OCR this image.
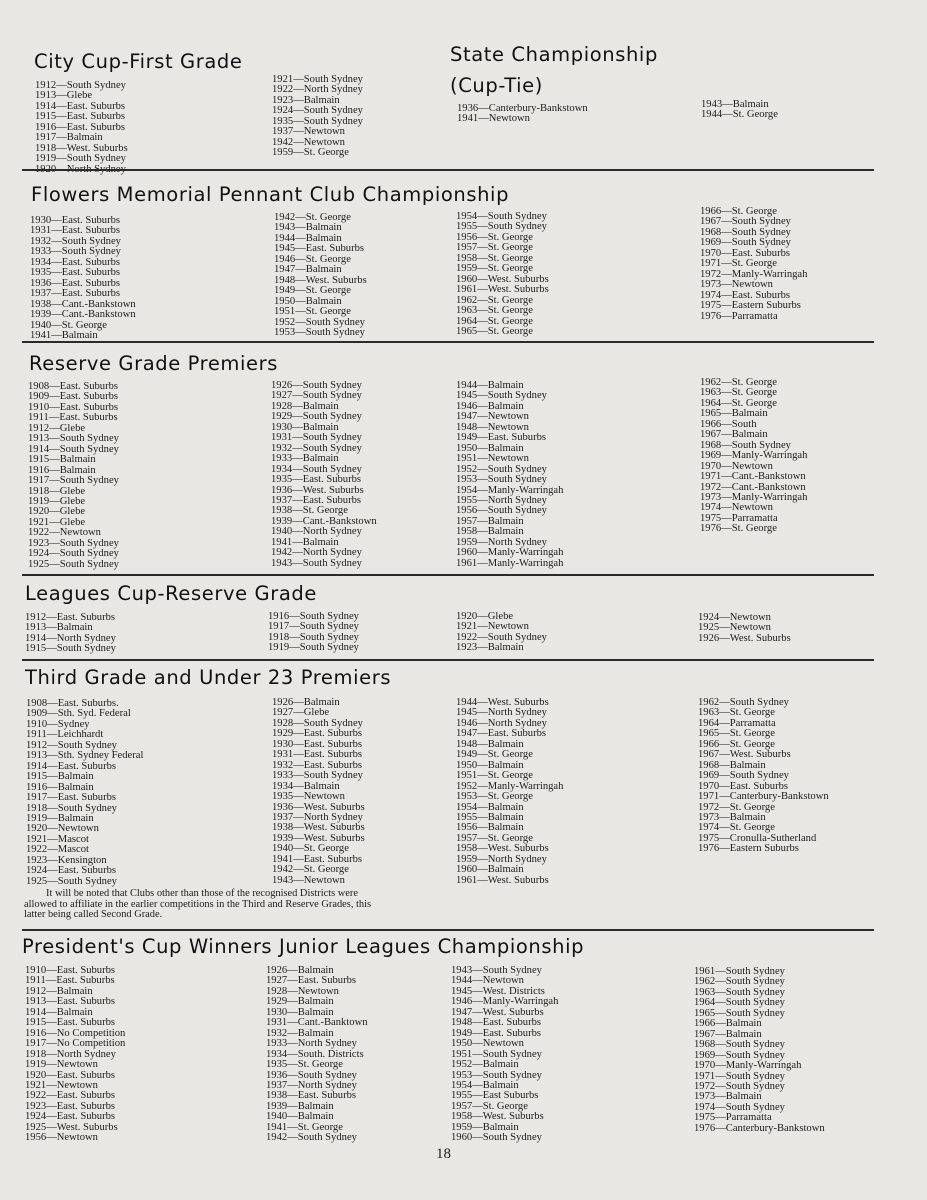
City Cup-First Grade
1912—South Sydney
1913—Glebe
1914—East. Suburbs
1915—East. Suburbs
1916—East. Suburbs
1917—Balmain
1918—West. Suburbs
1919—South Sydney
1921—South Sydney
1922—North Sydney
1923—Balmain
1924—South Sydney
1935—South Sydney
1937—Newtown
1942—Newtown
1959—St. George
State Championship
(Cup-Tie)
1936—Canterbury-Bankstown
1941—Newtown
1943—Balmain
1944—St. George
Flowers Memorial Pennant Club Championship
1930—East. Suburbs
1931—East. Suburbs
1932—South Sydney
1933—South Sydney
1934—East. Suburbs
1935—East. Suburbs
1936—East. Suburbs
1937—East. Suburbs
1938—Cant.-Bankstown
1939—Cant.-Bankstown
1940—St. George
1941—Balmain
1942—St. George
1943—Balmain
1944—Balmain
1945—East. Suburbs
1946—St. George
1947—Balmain
1948—West. Suburbs
1949—St. George
1950—Balmain
1951—St. George
1952—South Sydney
1953—South Sydney
1954—South Sydney
1955—South Sydney
1956—St. George
1957—St. George
1958—St. George
1959—St. George
1960—West. Suburbs
1961—West. Suburbs
1962—St. George
1963—St. George
1964—St. George
1965—St. George
1966—St. George
1967—South Sydney
1968—South Sydney
1969—South Sydney
1970—East. Suburbs
1971—St. George
1972—Manly-Warringah
1973—Newtown
1974—East. Suburbs
1975—Eastern Suburbs
1976—Parramatta
Reserve Grade Premiers
1908—East. Suburbs
1909—East. Suburbs
1910—East. Suburbs
1911—East. Suburbs
1912—Glebe
1913—South Sydney
1914—South Sydney
1915—Balmain
1916—Balmain
1917—South Sydney
1918—Glebe
1919—Glebe
1920—Glebe
1921—Glebe
1922—Newtown
1923—South Sydney
1924—South Sydney
1925—South Sydney
1926—South Sydney
1927—South Sydney
1928—Balmain
1929—South Sydney
1930—Balmain
1931—South Sydney
1932—South Sydney
1933—Balmain
1934—South Sydney
1935—East. Suburbs
1936—West. Suburbs
1937—East. Suburbs
1938—St. George
1939—Cant.-Bankstown
1940—North Sydney
1941—Balmain
1942—North Sydney
1943—South Sydney
1944—Balmain
1945—South Sydney
1946—Balmain
1947—Newtown
1948—Newtown
1949—East. Suburbs
1950—Balmain
1951—Newtown
1952—South Sydney
1953—South Sydney
1954—Manly-Warringah
1955—North Sydney
1956—South Sydney
1957—Balmain
1958—Balmain
1959—North Sydney
1960—Manly-Warringah
1961—Manly-Warringah
1962—St. George
1963—St. George
1964—St. George
1965—Balmain
1966—South
1967—Balmain
1968—South Sydney
1969—Manly-Warringah
1970—Newtown
1971—Cant.-Bankstown
1972—Cant.-Bankstown
1973—Manly-Warringah
1974—Newtown
1975—Parramatta
1976—St. George
Leagues Cup-Reserve Grade
1912—East. Suburbs
1913—Balmain
1914—North Sydney
1915—South Sydney
1916—South Sydney
1917—South Sydney
1918—South Sydney
1919—South Sydney
1920—Glebe
1921—Newtown
1922—South Sydney
1923—Balmain
1924—Newtown
1925—Newtown
1926—West. Suburbs
Third Grade and Under 23 Premiers
1908—East. Suburbs.
1909—Sth. Syd. Federal
1910—Sydney
1911—Leichhardt
1912—South Sydney
1913—Sth. Sydney Federal
1914—East. Suburbs
1915—Balmain
1916—Balmain
1917—East. Suburbs
1918—South Sydney
1919—Balmain
1920—Newtown
1921—Mascot
1922—Mascot
1923—Kensington
1924—East. Suburbs
1925—South Sydney
1926—Balmain
1927—Glebe
1928—South Sydney
1929—East. Suburbs
1930—East. Suburbs
1931—East. Suburbs
1932—East. Suburbs
1933—South Sydney
1934—Balmain
1935—Newtown
1936—West. Suburbs
1937—North Sydney
1938—West. Suburbs
1939—West. Suburbs
1940—St. George
1941—East. Suburbs
1942—St. George
1943—Newtown
1944—West. Suburbs
1945—North Sydney
1946—North Sydney
1947—East. Suburbs
1948—Balmain
1949—St. George
1950—Balmain
1951—St. George
1952—Manly-Warringah
1953—St. George
1954—Balmain
1955—Balmain
1956—Balmain
1957—St. George
1958—West. Suburbs
1959—North Sydney
1960—Balmain
1961—West. Suburbs
1962—South Sydney
1963—St. George
1964—Parramatta
1965—St. George
1966—St. George
1967—West. Suburbs
1968—Balmain
1969—South Sydney
1970—East. Suburbs
1971—Canterbury-Bankstown
1972—St. George
1973—Balmain
1974—St. George
1975—Cronulla-Sutherland
1976—Eastern Suburbs

It will be noted that Clubs other than those of the recognised Districts were
allowed to affiliate in the earlier competitions in the Third and Reserve Grades, this
latter being called Second Grade.

President's Cup Winners Junior Leagues Championship
1910—East. Suburbs
1911—East. Suburbs
1912—Balmain
1913—East. Suburbs
1914—Balmain
1915—East. Suburbs
1916—No Competition
1917—No Competition
1918—North Sydney
1919—Newtown
1920—East. Suburbs
1921—Newtown
1922—East. Suburbs
1923—East. Suburbs
1924—East. Suburbs
1925—West. Suburbs
1956—Newtown
1926—Balmain
1927—East. Suburbs
1928—Newtown
1929—Balmain
1930—Balmain
1931—Cant.-Banktown
1932—Balmain
1933—North Sydney
1934—South. Districts
1935—St. George
1936—South Sydney
1937—North Sydney
1938—East. Suburbs
1939—Balmain
1940—Balmain
1941—St. George
1942—South Sydney
1943—South Sydney
1944—Newtown
1945—West. Districts
1946—Manly-Warringah
1947—West. Suburbs
1948—East. Suburbs
1949—East. Suburbs
1950—Newtown
1951—South Sydney
1952—Balmain
1953—South Sydney
1954—Balmain
1955—East Suburbs
1957—St. George
1958—West. Suburbs
1959—Balmain
1960—South Sydney
1961—South Sydney
1962—South Sydney
1963—South Sydney
1964—South Sydney
1965—South Sydney
1966—Balmain
1967—Balmain
1968—South Sydney
1969—South Sydney
1970—Manly-Warringah
1971—South Sydney
1972—South Sydney
1973—Balmain
1974—South Sydney
1975—Parramatta
1976—Canterbury-Bankstown

18
